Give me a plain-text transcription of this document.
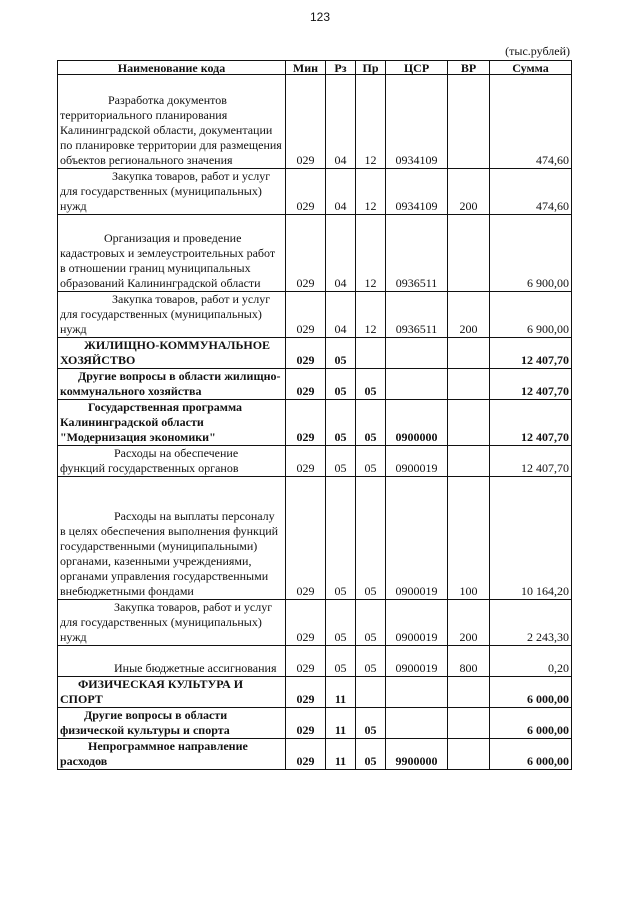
123
(тыс.рублей)
Наименование кода	Мин	Рз	Пр	ЦСР	ВР	Сумма

Разработка документов территориального планирования Калининградской области, документации по планировке территории для размещения объектов регионального значения	029	04	12	0934109		474,60

Закупка товаров, работ и услуг для государственных (муниципальных) нужд	029	04	12	0934109	200	474,60

Организация и проведение кадастровых и землеустроительных работ в отношении границ муниципальных образований Калининградской области	029	04	12	0936511		6 900,00

Закупка товаров, работ и услуг для государственных (муниципальных) нужд	029	04	12	0936511	200	6 900,00

ЖИЛИЩНО-КОММУНАЛЬНОЕ ХОЗЯЙСТВО	029	05				12 407,70

Другие вопросы в области жилищно-коммунального хозяйства	029	05	05			12 407,70

Государственная программа Калининградской области "Модернизация экономики"	029	05	05	0900000		12 407,70

Расходы на обеспечение функций государственных органов	029	05	05	0900019		12 407,70

Расходы на выплаты персоналу в целях обеспечения выполнения функций государственными (муниципальными) органами, казенными учреждениями, органами управления государственными внебюджетными фондами	029	05	05	0900019	100	10 164,20

Закупка товаров, работ и услуг для государственных (муниципальных) нужд	029	05	05	0900019	200	2 243,30

Иные бюджетные ассигнования	029	05	05	0900019	800	0,20

ФИЗИЧЕСКАЯ КУЛЬТУРА И СПОРТ	029	11				6 000,00

Другие вопросы в области физической культуры и спорта	029	11	05			6 000,00

Непрограммное направление расходов	029	11	05	9900000		6 000,00
